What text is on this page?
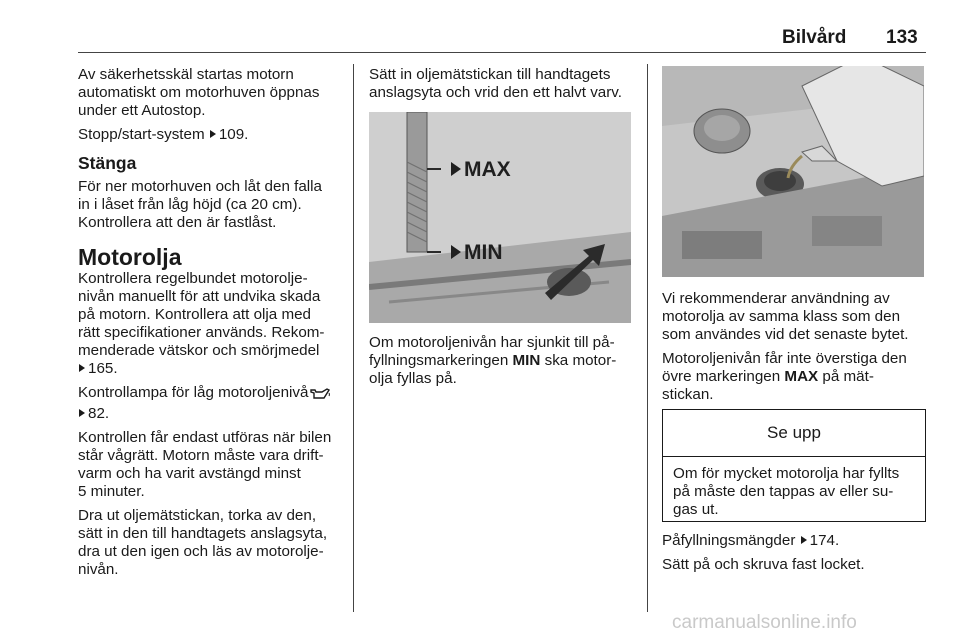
Bilvård 133

Av säkerhetsskäl startas motorn
automatiskt om motorhuven öppnas
under ett Autostop.

Stopp/start-system 109.

Stänga

För ner motorhuven och låt den falla
in i låset från låg höjd (ca 20 cm).
Kontrollera att den är fastlåst.

Motorolja

Kontrollera regelbundet motorolje-
nivån manuellt för att undvika skada
på motorn. Kontrollera att olja med
rätt specifikationer används. Rekom-
menderade vätskor och smörjmedel
165.

Kontrollampa för låg motoroljenivå
82.

Kontrollen får endast utföras när bilen
står vågrätt. Motorn måste vara drift-
varm och ha varit avstängd minst
5 minuter.

Dra ut oljemätstickan, torka av den,
sätt in den till handtagets anslagsyta,
dra ut den igen och läs av motorolje-
nivån.

Sätt in oljemätstickan till handtagets
anslagsyta och vrid den ett halvt varv.

MAX
MIN
Om motoroljenivån har sjunkit till på-
fyllningsmarkeringen MIN ska motor-
olja fyllas på.

Vi rekommenderar användning av
motorolja av samma klass som den
som användes vid det senaste bytet.

Motoroljenivån får inte överstiga den
övre markeringen MAX på mät-
stickan.

Se upp
Om för mycket motorolja har fyllts
på måste den tappas av eller su-
gas ut.

Påfyllningsmängder 174.

Sätt på och skruva fast locket.

carmanualsonline.info
